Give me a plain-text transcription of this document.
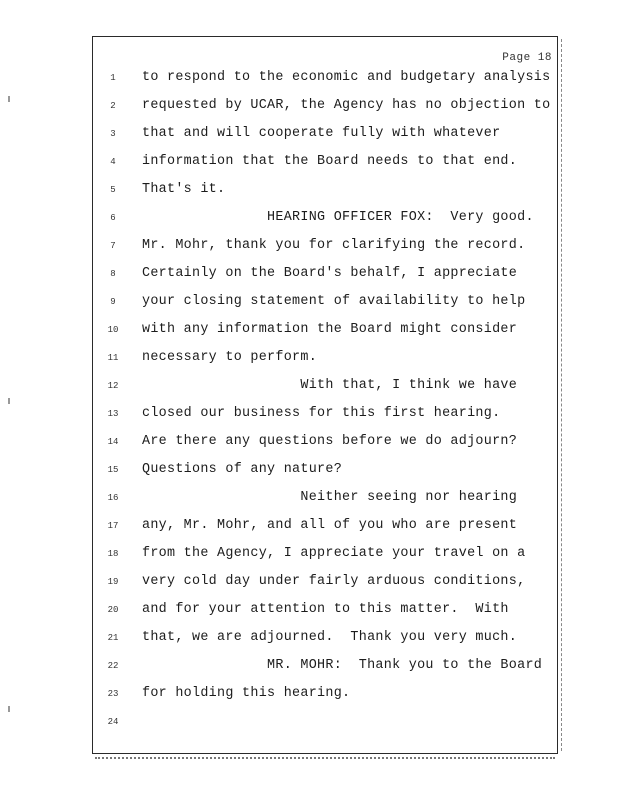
Page 18
1	to respond to the economic and budgetary analysis
2	requested by UCAR, the Agency has no objection to
3	that and will cooperate fully with whatever
4	information that the Board needs to that end.
5	That's it.
6	HEARING OFFICER FOX:  Very good.
7	Mr. Mohr, thank you for clarifying the record.
8	Certainly on the Board's behalf, I appreciate
9	your closing statement of availability to help
10	with any information the Board might consider
11	necessary to perform.
12	With that, I think we have
13	closed our business for this first hearing.
14	Are there any questions before we do adjourn?
15	Questions of any nature?
16	Neither seeing nor hearing
17	any, Mr. Mohr, and all of you who are present
18	from the Agency, I appreciate your travel on a
19	very cold day under fairly arduous conditions,
20	and for your attention to this matter.  With
21	that, we are adjourned.  Thank you very much.
22	MR. MOHR:  Thank you to the Board
23	for holding this hearing.
24
